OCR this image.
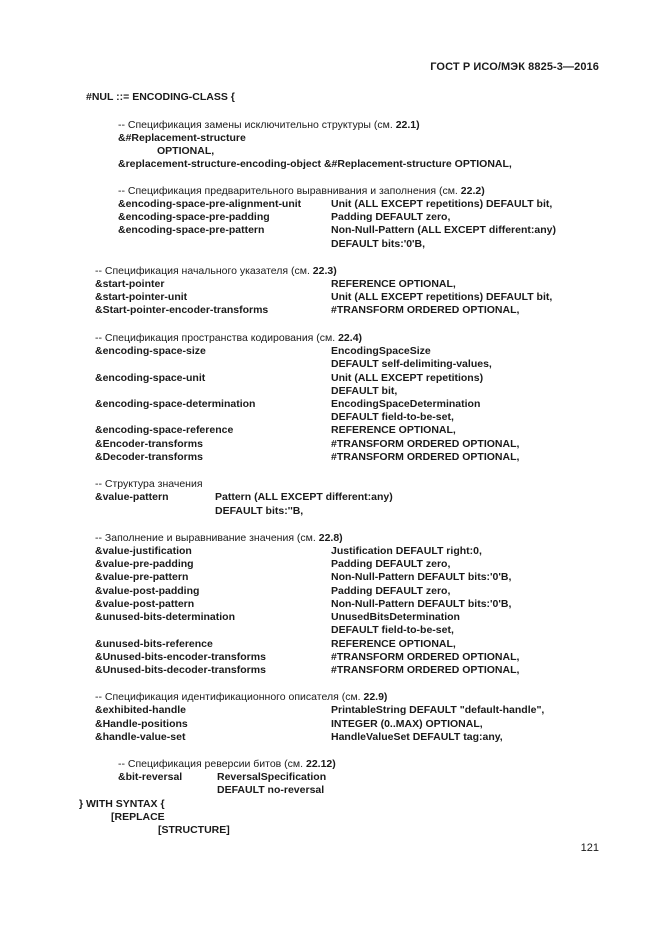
ГОСТ Р ИСО/МЭК 8825-3—2016
#NUL ::= ENCODING-CLASS {
-- Спецификация замены исключительно структуры (см. 22.1)
&#Replacement-structure
OPTIONAL,
&replacement-structure-encoding-object &#Replacement-structure OPTIONAL,
-- Спецификация предварительного выравнивания и заполнения (см. 22.2)
&encoding-space-pre-alignment-unit	Unit (ALL EXCEPT repetitions) DEFAULT bit,
&encoding-space-pre-padding	Padding DEFAULT zero,
&encoding-space-pre-pattern	Non-Null-Pattern (ALL EXCEPT different:any)
DEFAULT bits:'0'B,
-- Спецификация начального указателя (см. 22.3)
&start-pointer	REFERENCE OPTIONAL,
&start-pointer-unit	Unit (ALL EXCEPT repetitions) DEFAULT bit,
&Start-pointer-encoder-transforms	#TRANSFORM ORDERED OPTIONAL,
-- Спецификация пространства кодирования (см. 22.4)
&encoding-space-size	EncodingSpaceSize
DEFAULT self-delimiting-values,
&encoding-space-unit	Unit (ALL EXCEPT repetitions)
DEFAULT bit,
&encoding-space-determination	EncodingSpaceDetermination
DEFAULT field-to-be-set,
&encoding-space-reference	REFERENCE OPTIONAL,
&Encoder-transforms	#TRANSFORM ORDERED OPTIONAL,
&Decoder-transforms	#TRANSFORM ORDERED OPTIONAL,
-- Структура значения
&value-pattern	Pattern (ALL EXCEPT different:any)
DEFAULT bits:''B,
-- Заполнение и выравнивание значения (см. 22.8)
&value-justification	Justification DEFAULT right:0,
&value-pre-padding	Padding DEFAULT zero,
&value-pre-pattern	Non-Null-Pattern DEFAULT bits:'0'B,
&value-post-padding	Padding DEFAULT zero,
&value-post-pattern	Non-Null-Pattern DEFAULT bits:'0'B,
&unused-bits-determination	UnusedBitsDetermination
DEFAULT field-to-be-set,
&unused-bits-reference	REFERENCE OPTIONAL,
&Unused-bits-encoder-transforms	#TRANSFORM ORDERED OPTIONAL,
&Unused-bits-decoder-transforms	#TRANSFORM ORDERED OPTIONAL,
-- Спецификация идентификационного описателя (см. 22.9)
&exhibited-handle	PrintableString DEFAULT "default-handle",
&Handle-positions	INTEGER (0..MAX) OPTIONAL,
&handle-value-set	HandleValueSet DEFAULT tag:any,
-- Спецификация реверсии битов (см. 22.12)
&bit-reversal	ReversalSpecification
DEFAULT no-reversal
} WITH SYNTAX {
[REPLACE
[STRUCTURE]
121
